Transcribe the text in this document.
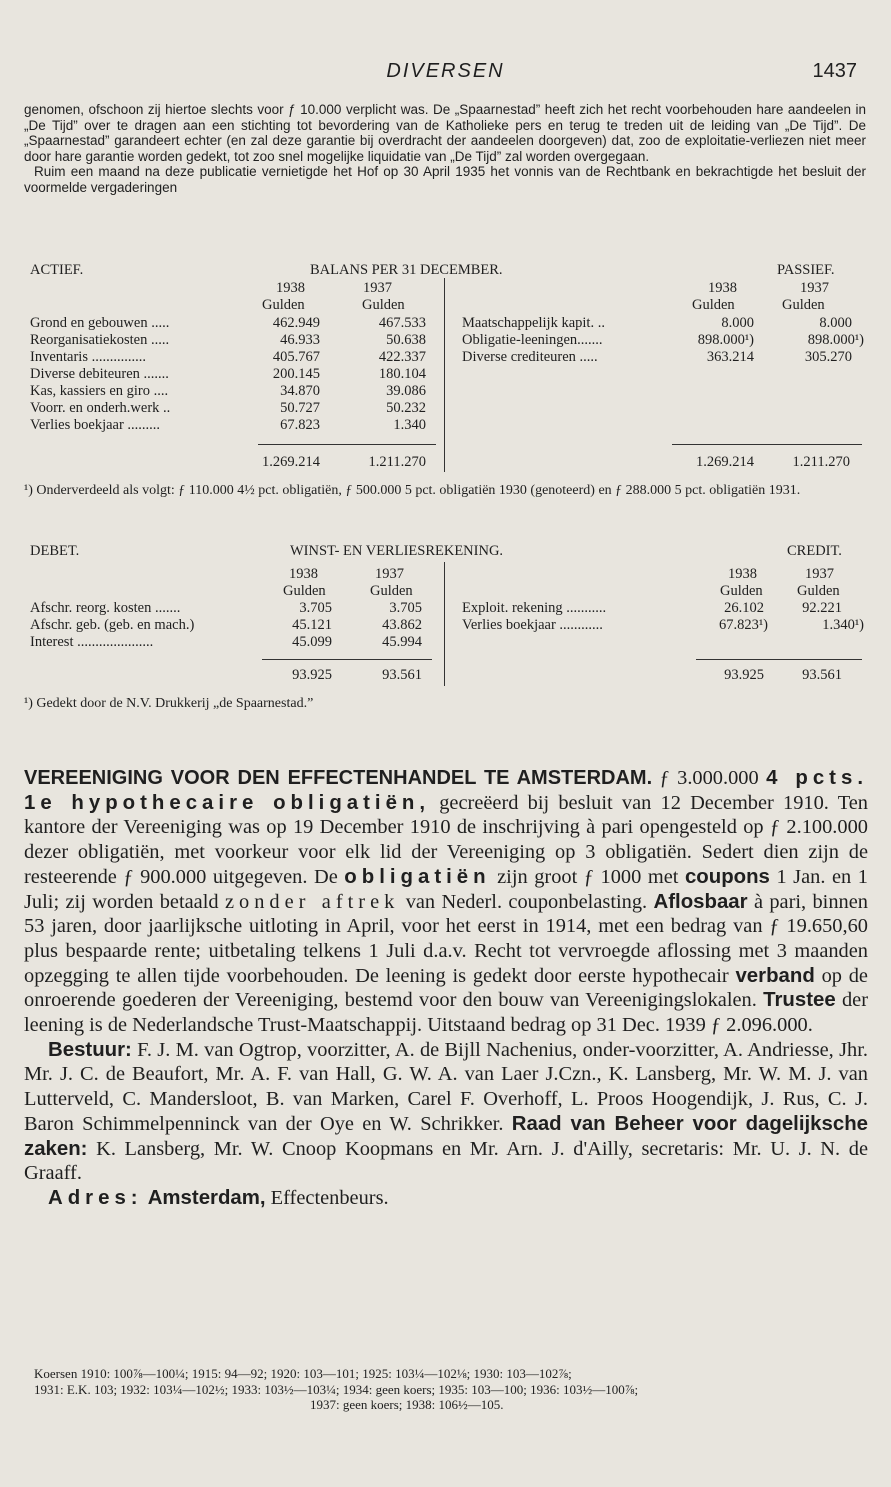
DIVERSEN	1437

genomen, ofschoon zij hiertoe slechts voor ƒ 10.000 verplicht was. De „Spaarnestad” heeft zich het recht voorbehouden hare aandeelen in „De Tijd” over te dragen aan een stichting tot bevordering van de Katholieke pers en terug te treden uit de leiding van „De Tijd”. De „Spaarnestad” garandeert echter (en zal deze garantie bij overdracht der aandeelen doorgeven) dat, zoo de exploitatie-verliezen niet meer door hare garantie worden gedekt, tot zoo snel mogelijke liquidatie van „De Tijd” zal worden overgegaan.

Ruim een maand na deze publicatie vernietigde het Hof op 30 April 1935 het vonnis van de Rechtbank en bekrachtigde het besluit der voormelde vergaderingen

ACTIEF.	BALANS PER 31 DECEMBER.	PASSIEF.
1938	1937
Gulden	Gulden
1938	1937
Gulden	Gulden
Grond en gebouwen .....	462.949	467.533
Reorganisatiekosten .....	46.933	50.638
Inventaris ...............	405.767	422.337
Diverse debiteuren .......	200.145	180.104
Kas, kassiers en giro ....	34.870	39.086
Voorr. en onderh.werk ..	50.727	50.232
Verlies boekjaar .........	67.823	1.340
Maatschappelijk kapit. ..	8.000	8.000
Obligatie-leeningen.......	898.000¹)	898.000¹)
Diverse crediteuren .....	363.214	305.270
1.269.214	1.211.270	1.269.214	1.211.270
¹) Onderverdeeld als volgt: ƒ 110.000 4½ pct. obligatiën, ƒ 500.000 5 pct. obligatiën 1930 (genoteerd) en ƒ 288.000 5 pct. obligatiën 1931.
DEBET.	WINST- EN VERLIESREKENING.	CREDIT.
1938	1937
Gulden	Gulden
1938	1937
Gulden Gulden
Afschr. reorg. kosten .......	3.705	3.705
Afschr. geb. (geb. en mach.)	45.121	43.862
Interest .....................	45.099	45.994
Exploit. rekening ...........	26.102	92.221
Verlies boekjaar ............	67.823¹)	1.340¹)
93.925	93.561	93.925	93.561
¹) Gedekt door de N.V. Drukkerij „de Spaarnestad.”

VEREENIGING VOOR DEN EFFECTENHANDEL TE AMSTERDAM. ƒ 3.000.000 4 pcts. 1e hypothecaire obligatiën, gecreëerd bij besluit van 12 December 1910. Ten kantore der Vereeniging was op 19 December 1910 de inschrijving à pari opengesteld op ƒ 2.100.000 dezer obligatiën, met voorkeur voor elk lid der Vereeniging op 3 obligatiën. Sedert dien zijn de resteerende ƒ 900.000 uitgegeven. De obligatiën zijn groot ƒ 1000 met coupons 1 Jan. en 1 Juli; zij worden betaald zonder aftrek van Nederl. couponbelasting. Aflosbaar à pari, binnen 53 jaren, door jaarlijksche uitloting in April, voor het eerst in 1914, met een bedrag van ƒ 19.650,60 plus bespaarde rente; uitbetaling telkens 1 Juli d.a.v. Recht tot vervroegde aflossing met 3 maanden opzegging te allen tijde voorbehouden. De leening is gedekt door eerste hypothecair verband op de onroerende goederen der Vereeniging, bestemd voor den bouw van Vereenigingslokalen. Trustee der leening is de Nederlandsche Trust-Maatschappij. Uitstaand bedrag op 31 Dec. 1939 ƒ 2.096.000.

Bestuur: F. J. M. van Ogtrop, voorzitter, A. de Bijll Nachenius, onder-voorzitter, A. Andriesse, Jhr. Mr. J. C. de Beaufort, Mr. A. F. van Hall, G. W. A. van Laer J.Czn., K. Lansberg, Mr. W. M. J. van Lutterveld, C. Mandersloot, B. van Marken, Carel F. Overhoff, L. Proos Hoogendijk, J. Rus, C. J. Baron Schimmelpenninck van der Oye en W. Schrikker. Raad van Beheer voor dagelijksche zaken: K. Lansberg, Mr. W. Cnoop Koopmans en Mr. Arn. J. d'Ailly, secretaris: Mr. U. J. N. de Graaff.

Adres: Amsterdam, Effectenbeurs.

Koersen 1910: 100⅞—100¼; 1915: 94—92; 1920: 103—101; 1925: 103¼—102⅛; 1930: 103—102⅞;
1931: E.K. 103; 1932: 103¼—102½; 1933: 103½—103¼; 1934: geen koers; 1935: 103—100; 1936: 103½—100⅞;
1937: geen koers; 1938: 106½—105.
